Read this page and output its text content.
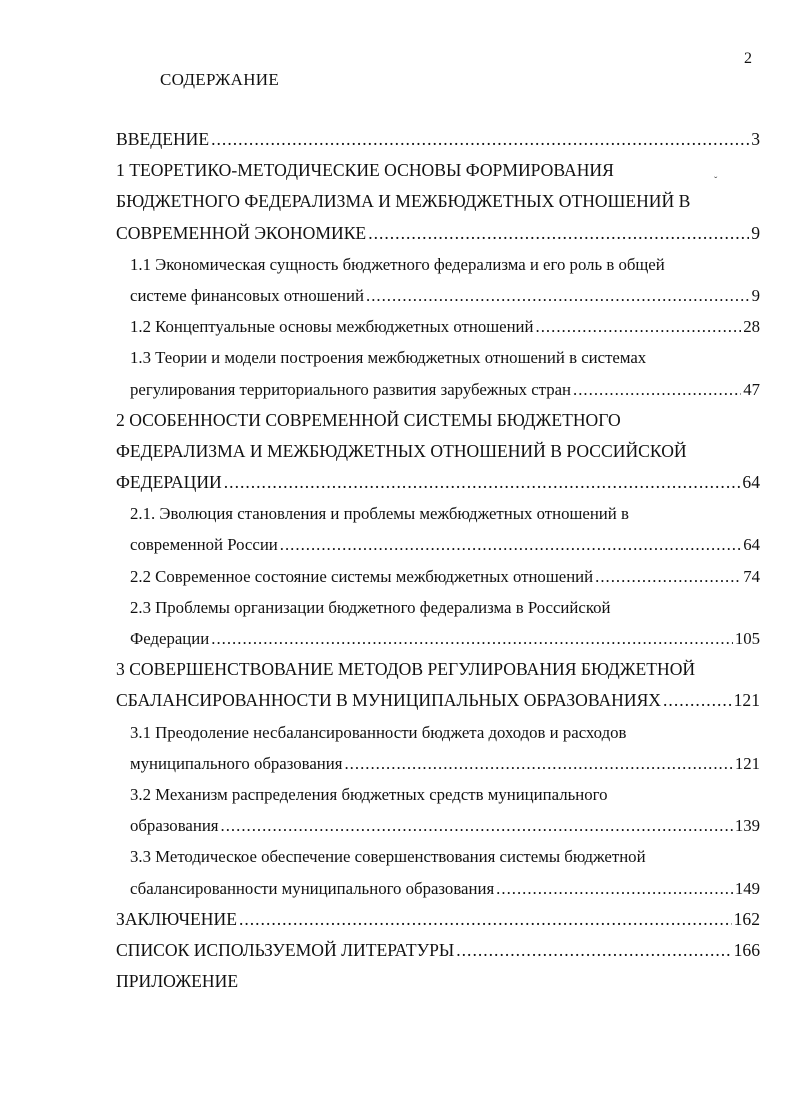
2
СОДЕРЖАНИЕ
ˇ
ВВЕДЕНИЕ .....	3
1 ТЕОРЕТИКО-МЕТОДИЧЕСКИЕ ОСНОВЫ ФОРМИРОВАНИЯ
БЮДЖЕТНОГО ФЕДЕРАЛИЗМА И МЕЖБЮДЖЕТНЫХ ОТНОШЕНИЙ В
СОВРЕМЕННОЙ ЭКОНОМИКЕ .....	9
1.1 Экономическая сущность бюджетного федерализма и его роль в общей
системе финансовых отношений .....	9
1.2 Концептуальные основы межбюджетных отношений .....	28
1.3 Теории и модели построения межбюджетных отношений в системах
регулирования территориального развития зарубежных стран .....	47
2 ОСОБЕННОСТИ СОВРЕМЕННОЙ СИСТЕМЫ БЮДЖЕТНОГО
ФЕДЕРАЛИЗМА И МЕЖБЮДЖЕТНЫХ ОТНОШЕНИЙ В РОССИЙСКОЙ
ФЕДЕРАЦИИ .....	64
2.1. Эволюция становления и проблемы межбюджетных отношений в
современной России .....	64
2.2 Современное состояние системы межбюджетных отношений .....	74
2.3 Проблемы организации бюджетного федерализма в Российской
Федерации .....	105
3 СОВЕРШЕНСТВОВАНИЕ МЕТОДОВ РЕГУЛИРОВАНИЯ БЮДЖЕТНОЙ
СБАЛАНСИРОВАННОСТИ В МУНИЦИПАЛЬНЫХ ОБРАЗОВАНИЯХ .....	121
3.1 Преодоление несбалансированности бюджета доходов и расходов
муниципального образования .....	121
3.2 Механизм распределения бюджетных средств муниципального
образования .....	139
3.3 Методическое обеспечение совершенствования системы бюджетной
сбалансированности муниципального образования .....	149
ЗАКЛЮЧЕНИЕ .....	162
СПИСОК ИСПОЛЬЗУЕМОЙ ЛИТЕРАТУРЫ .....	166
ПРИЛОЖЕНИЕ
